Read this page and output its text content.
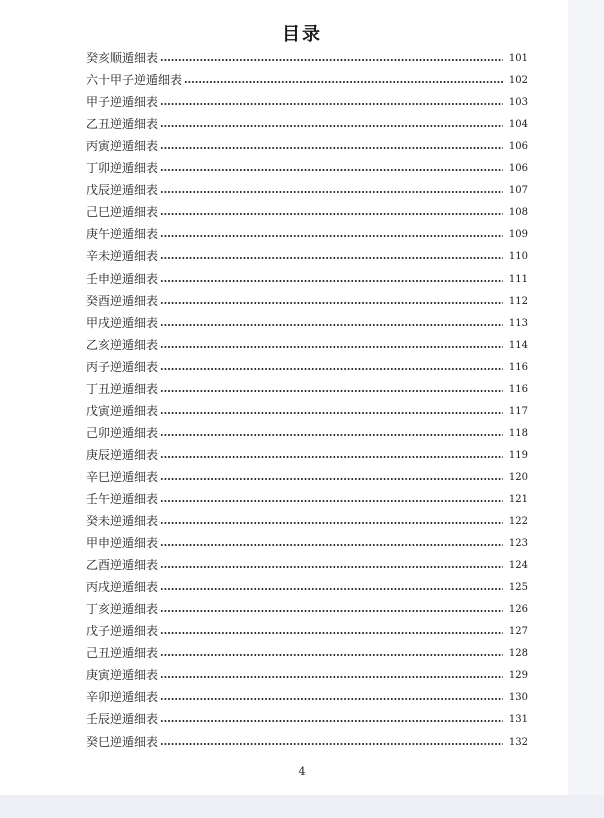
癸亥顺遁细表	101
六十甲子逆遁细表	102
甲子逆遁细表	103
乙丑逆遁细表	104
丙寅逆遁细表	106
丁卯逆遁细表	106
戊辰逆遁细表	107
己巳逆遁细表	108
庚午逆遁细表	109
辛未逆遁细表	110
壬申逆遁细表	111
癸酉逆遁细表	112
甲戌逆遁细表	113
乙亥逆遁细表	114
丙子逆遁细表	116
丁丑逆遁细表	116
戊寅逆遁细表	117
己卯逆遁细表	118
庚辰逆遁细表	119
辛巳逆遁细表	120
壬午逆遁细表	121
癸未逆遁细表	122
甲申逆遁细表	123
乙酉逆遁细表	124
丙戌逆遁细表	125
丁亥逆遁细表	126
戊子逆遁细表	127
己丑逆遁细表	128
庚寅逆遁细表	129
辛卯逆遁细表	130
壬辰逆遁细表	131
癸巳逆遁细表	132
4
目录
